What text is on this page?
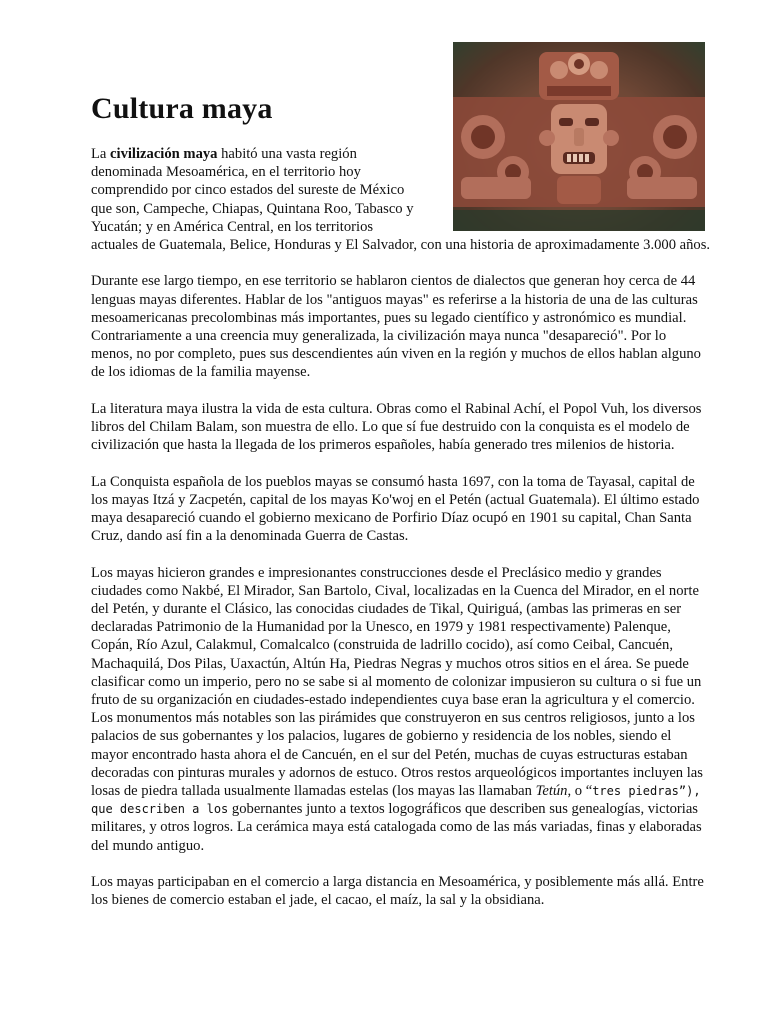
Cultura maya

La civilización maya habitó una vasta región
denominada Mesoamérica, en el territorio hoy
comprendido por cinco estados del sureste de México
que son, Campeche, Chiapas, Quintana Roo, Tabasco y
Yucatán; y en América Central, en los territorios
actuales de Guatemala, Belice, Honduras y El Salvador, con una historia de aproximadamente 3.000 años.

Durante ese largo tiempo, en ese territorio se hablaron cientos de dialectos que generan hoy cerca de 44 lenguas mayas diferentes. Hablar de los "antiguos mayas" es referirse a la historia de una de las culturas mesoamericanas precolombinas más importantes, pues su legado científico y astronómico es mundial. Contrariamente a una creencia muy generalizada, la civilización maya nunca "desapareció". Por lo menos, no por completo, pues sus descendientes aún viven en la región y muchos de ellos hablan alguno de los idiomas de la familia mayense.

La literatura maya ilustra la vida de esta cultura. Obras como el Rabinal Achí, el Popol Vuh, los diversos libros del Chilam Balam, son muestra de ello. Lo que sí fue destruido con la conquista es el modelo de civilización que hasta la llegada de los primeros españoles, había generado tres milenios de historia.

La Conquista española de los pueblos mayas se consumó hasta 1697, con la toma de Tayasal, capital de los mayas Itzá y Zacpetén, capital de los mayas Ko'woj en el Petén (actual Guatemala). El último estado maya desapareció cuando el gobierno mexicano de Porfirio Díaz ocupó en 1901 su capital, Chan Santa Cruz, dando así fin a la denominada Guerra de Castas.

Los mayas hicieron grandes e impresionantes construcciones desde el Preclásico medio y grandes ciudades como Nakbé, El Mirador, San Bartolo, Cival, localizadas en la Cuenca del Mirador, en el norte del Petén, y durante el Clásico, las conocidas ciudades de Tikal, Quiriguá, (ambas las primeras en ser declaradas Patrimonio de la Humanidad por la Unesco, en 1979 y 1981 respectivamente) Palenque, Copán, Río Azul, Calakmul, Comalcalco (construida de ladrillo cocido), así como Ceibal, Cancuén, Machaquilá, Dos Pilas, Uaxactún, Altún Ha, Piedras Negras y muchos otros sitios en el área. Se puede clasificar como un imperio, pero no se sabe si al momento de colonizar impusieron su cultura o si fue un fruto de su organización en ciudades-estado independientes cuya base eran la agricultura y el comercio. Los monumentos más notables son las pirámides que construyeron en sus centros religiosos, junto a los palacios de sus gobernantes y los palacios, lugares de gobierno y residencia de los nobles, siendo el mayor encontrado hasta ahora el de Cancuén, en el sur del Petén, muchas de cuyas estructuras estaban decoradas con pinturas murales y adornos de estuco. Otros restos arqueológicos importantes incluyen las losas de piedra tallada usualmente llamadas estelas (los mayas las llamaban Tetún, o “tres piedras”), que describen a los gobernantes junto a textos logográficos que describen sus genealogías, victorias militares, y otros logros. La cerámica maya está catalogada como de las más variadas, finas y elaboradas del mundo antiguo.

Los mayas participaban en el comercio a larga distancia en Mesoamérica, y posiblemente más allá. Entre los bienes de comercio estaban el jade, el cacao, el maíz, la sal y la obsidiana.
